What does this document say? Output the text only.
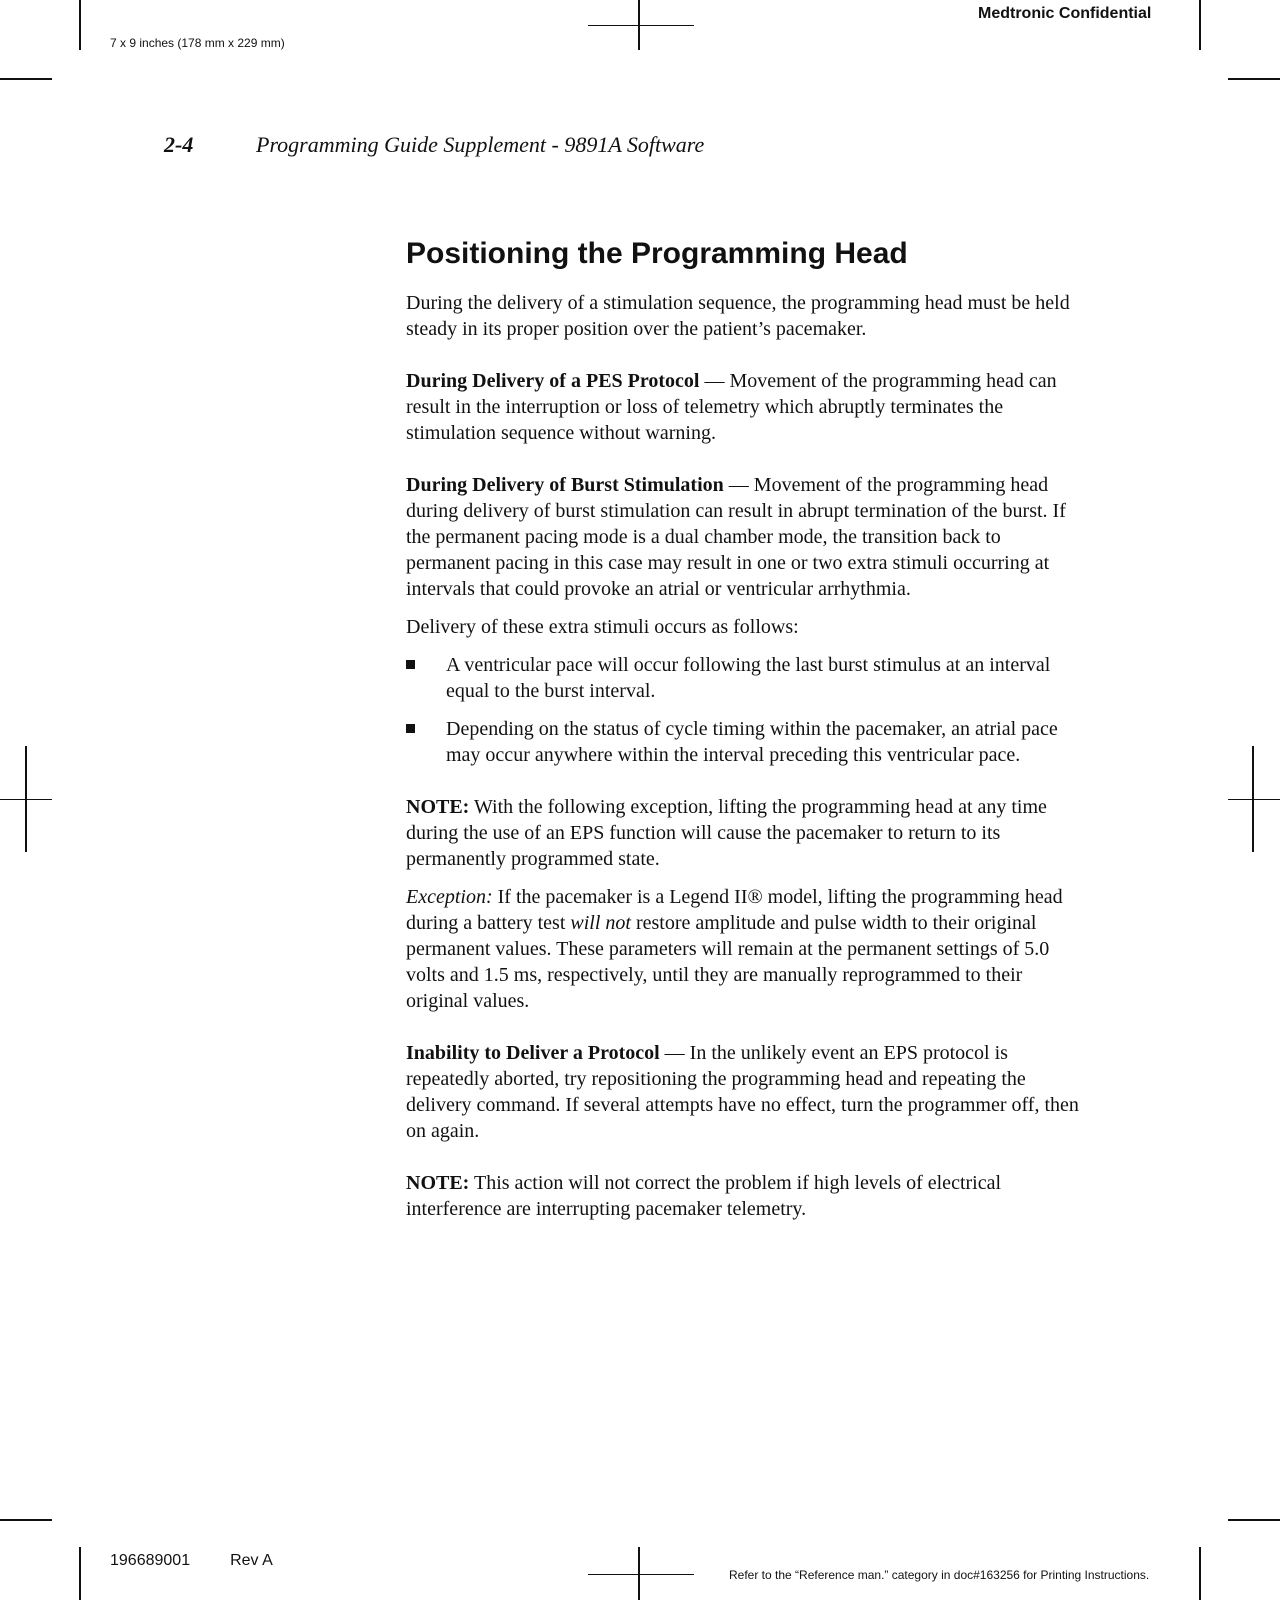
Medtronic Confidential
7 x 9 inches (178 mm x 229 mm)
2-4	Programming Guide Supplement - 9891A Software
Positioning the Programming Head

During the delivery of a stimulation sequence, the programming head must be held steady in its proper position over the patient’s pacemaker.

During Delivery of a PES Protocol — Movement of the programming head can result in the interruption or loss of telemetry which abruptly terminates the stimulation sequence without warning.

During Delivery of Burst Stimulation — Movement of the programming head during delivery of burst stimulation can result in abrupt termination of the burst. If the permanent pacing mode is a dual chamber mode, the transition back to permanent pacing in this case may result in one or two extra stimuli occurring at intervals that could provoke an atrial or ventricular arrhythmia.

Delivery of these extra stimuli occurs as follows:

A ventricular pace will occur following the last burst stimulus at an interval equal to the burst interval.
Depending on the status of cycle timing within the pacemaker, an atrial pace may occur anywhere within the interval preceding this ventricular pace.

NOTE: With the following exception, lifting the programming head at any time during the use of an EPS function will cause the pacemaker to return to its permanently programmed state.

Exception: If the pacemaker is a Legend II® model, lifting the programming head during a battery test will not restore amplitude and pulse width to their original permanent values. These parameters will remain at the permanent settings of 5.0 volts and 1.5 ms, respectively, until they are manually reprogrammed to their original values.

Inability to Deliver a Protocol — In the unlikely event an EPS protocol is repeatedly aborted, try repositioning the programming head and repeating the delivery command. If several attempts have no effect, turn the programmer off, then on again.

NOTE: This action will not correct the problem if high levels of electrical interference are interrupting pacemaker telemetry.

196689001	Rev A
Refer to the “Reference man.” category in doc#163256 for Printing Instructions.
